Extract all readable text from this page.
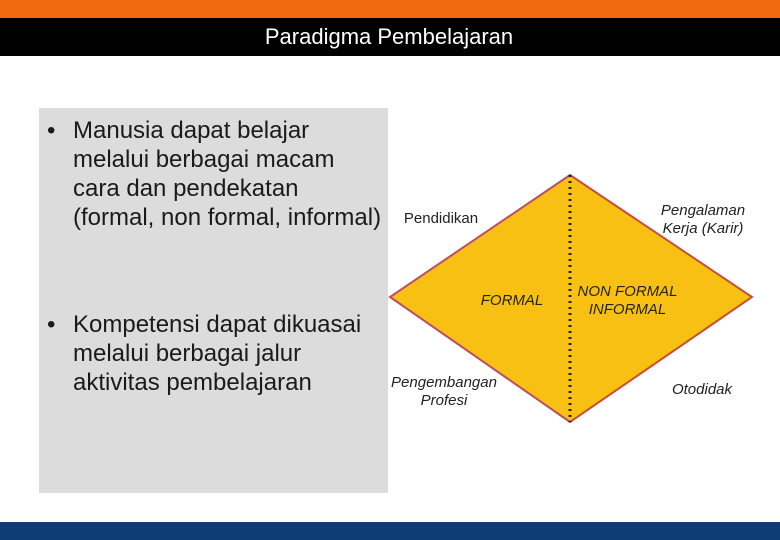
Paradigma Pembelajaran
• Manusia dapat belajar melalui berbagai macam cara dan pendekatan (formal, non formal, informal)
• Kompetensi dapat dikuasai melalui berbagai jalur aktivitas pembelajaran
Pendidikan	Pengalaman Kerja (Karir)
FORMAL
NON FORMAL INFORMAL
Pengembangan Profesi
Otodidak
